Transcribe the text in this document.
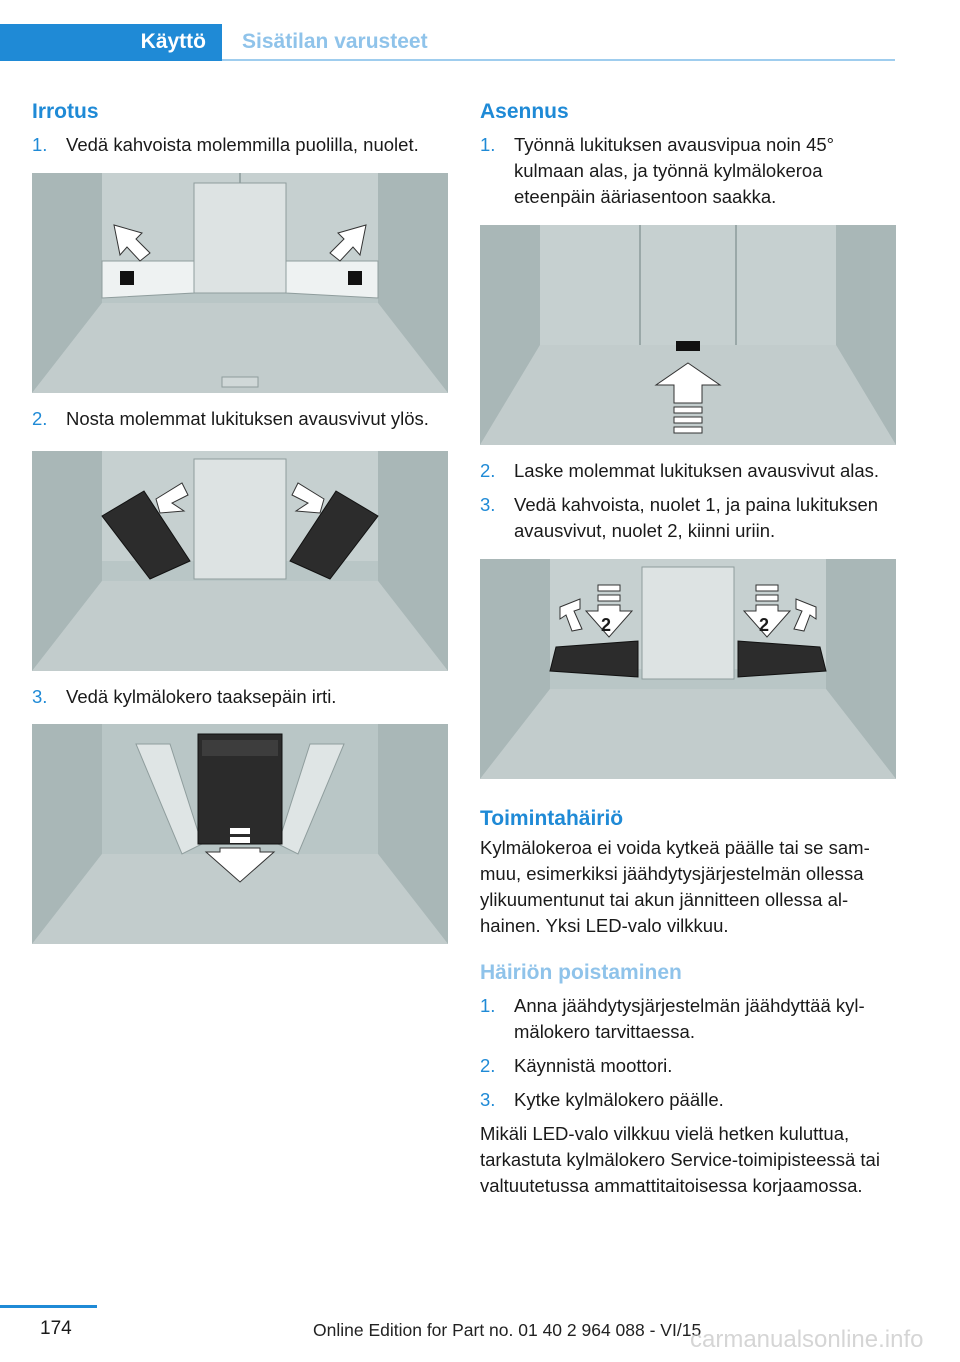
Käyttö Sisätilan varusteet
Irrotus
1. Vedä kahvoista molemmilla puolilla, nuolet.
2. Nosta molemmat lukituksen avausvivut ylös.
3. Vedä kylmälokero taaksepäin irti.
Asennus
1. Työnnä lukituksen avausvipua noin 45° kulmaan alas, ja työnnä kylmälokeroa eteenpäin ääriasentoon saakka.
2. Laske molemmat lukituksen avausvivut alas.
3. Vedä kahvoista, nuolet 1, ja paina lukituksen avausvivut, nuolet 2, kiinni uriin.
2	2
Toimintahäiriö
Kylmälokeroa ei voida kytkeä päälle tai se sammuu, esimerkiksi jäähdytysjärjestelmän ollessa ylikuumentunut tai akun jännitteen ollessa alhainen. Yksi LED-valo vilkkuu.
Häiriön poistaminen
1. Anna jäähdytysjärjestelmän jäähdyttää kylmälokero tarvittaessa.
2. Käynnistä moottori.
3. Kytke kylmälokero päälle.
Mikäli LED-valo vilkkuu vielä hetken kuluttua, tarkastuta kylmälokero Service-toimipisteessä tai valtuutetussa ammattitaitoisessa korjaamossa.
174	Online Edition for Part no. 01 40 2 964 088 - VI/15
carmanualsonline.info
